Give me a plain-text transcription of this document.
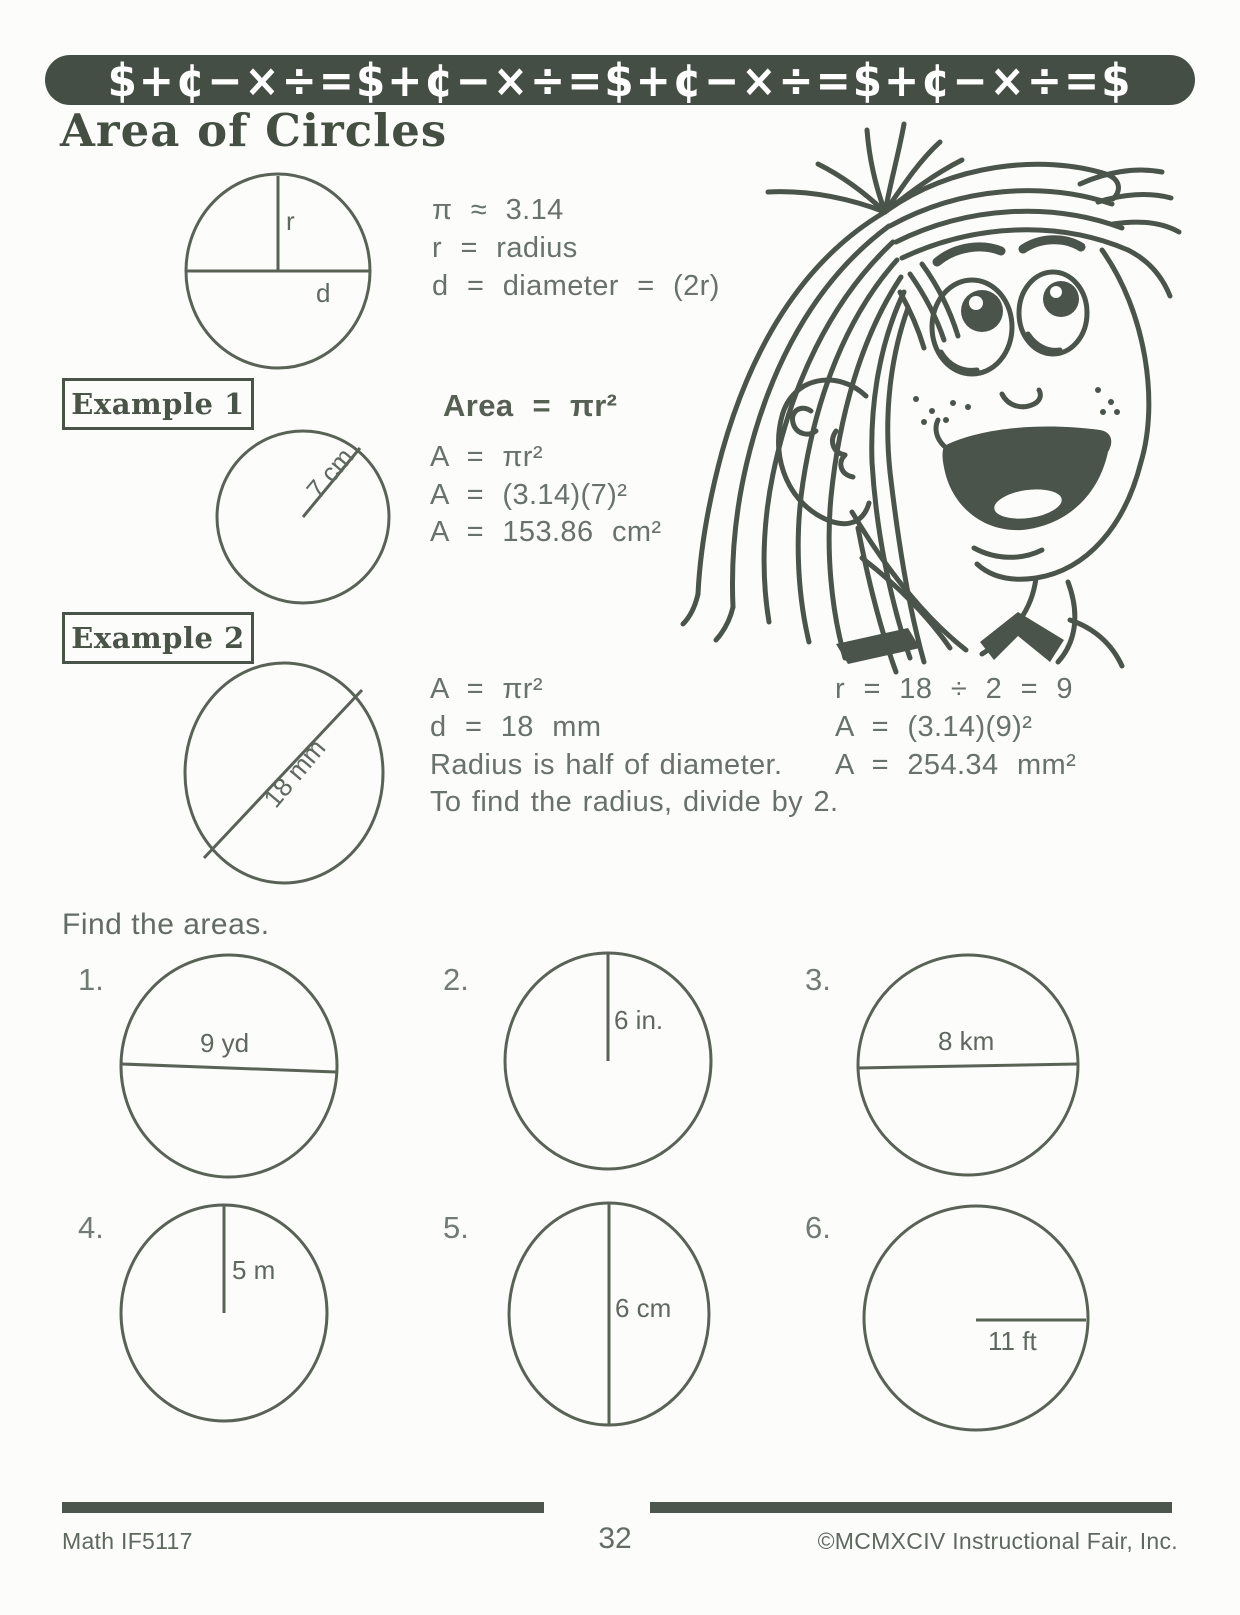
$+¢−×÷=$+¢−×÷=$+¢−×÷=$+¢−×÷=$
Area of Circles
r
d
π ≈ 3.14
r = radius
d = diameter = (2r)
Example 1	Area = πr²
7 cm A = πr²
A = (3.14)(7)²
A = 153.86 cm²
Example 2
18 mm
A = πr²
d = 18 mm
Radius is half of diameter.
To find the radius, divide by 2.
r = 18 ÷ 2 = 9
A = (3.14)(9)²
A = 254.34 mm²
Find the areas.
1.
9 yd
2.
6 in.
3.
8 km
4.
5 m
5.
6 cm
6.
11 ft
Math IF5117	32	©MCMXCIV Instructional Fair, Inc.
